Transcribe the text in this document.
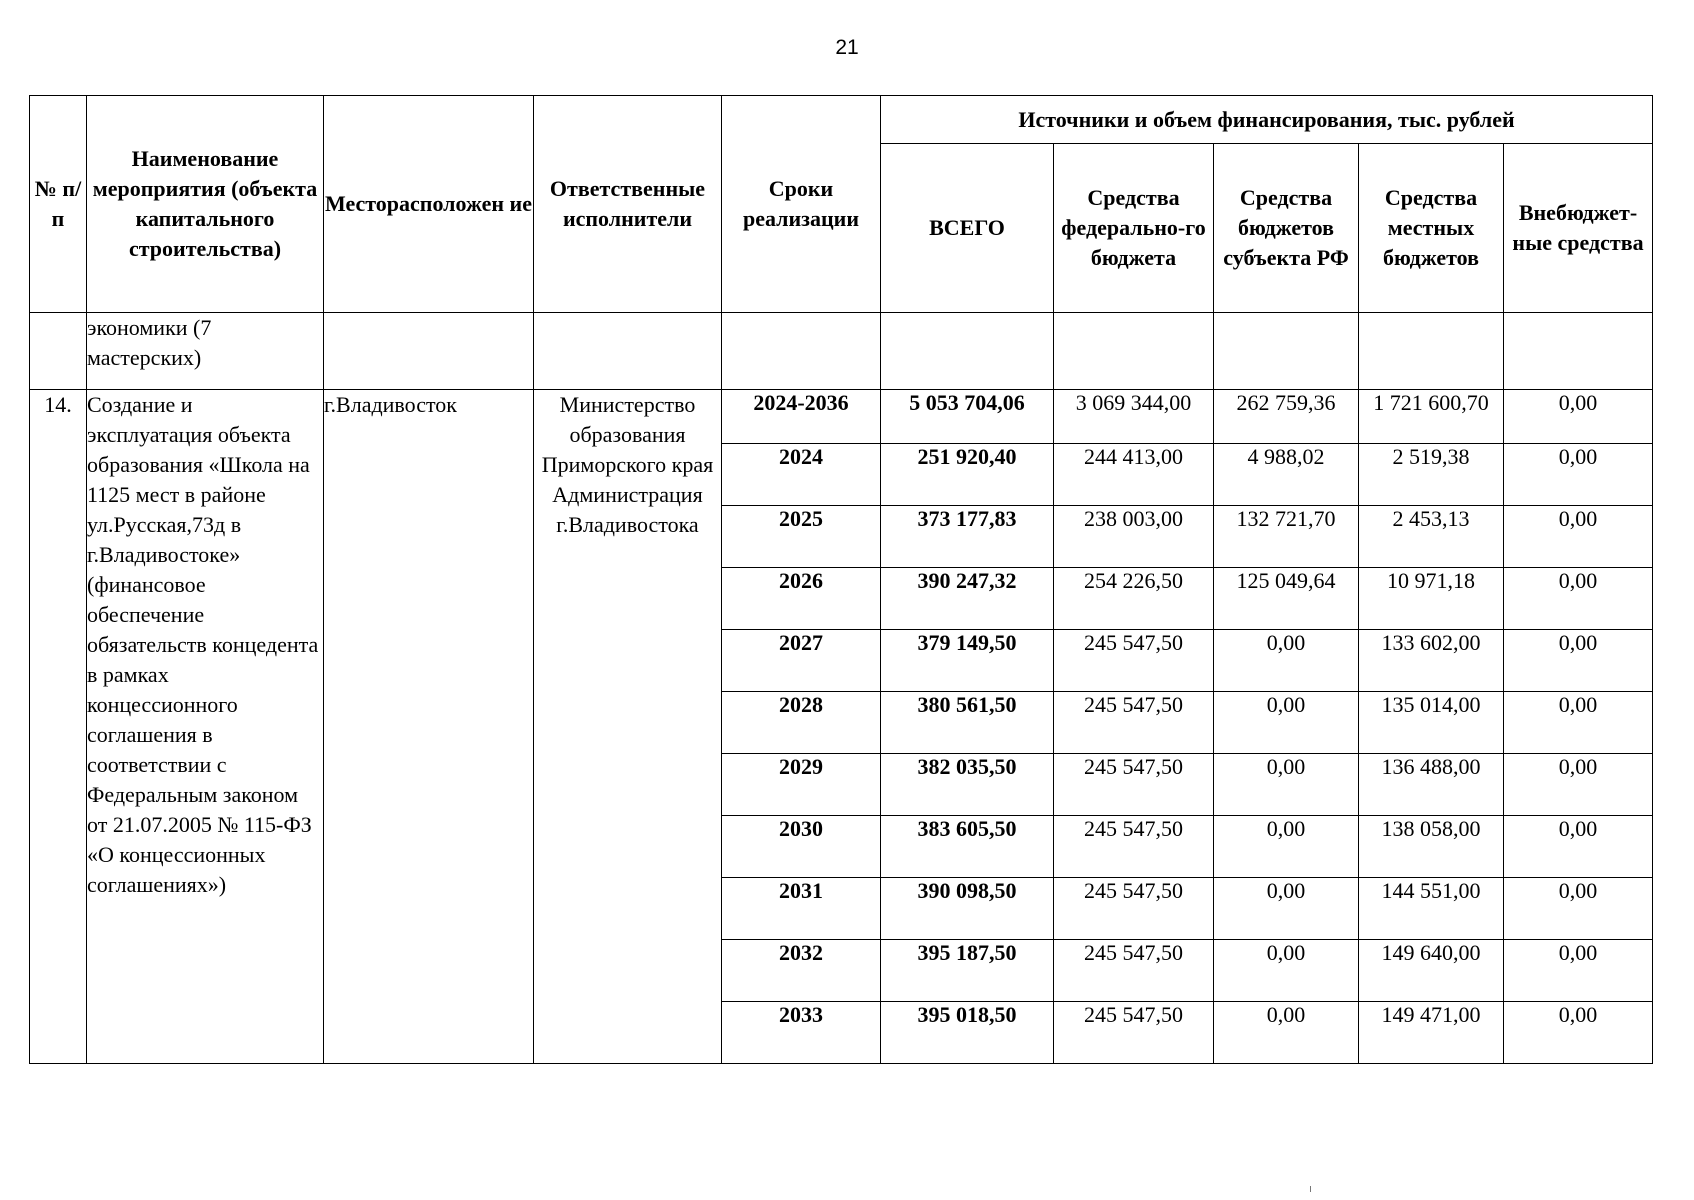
21
№ п/п	Наименование мероприятия (объекта капитального строительства)	Месторасположен ие	Ответственные исполнители	Сроки реализации	Источники и объем финансирования, тыс. рублей				
					ВСЕГО	Средства федерально-го бюджета	Средства бюджетов субъекта РФ	Средства местных бюджетов	Внебюджет-ные средства
	экономики (7 мастерских)								
14.	Создание и эксплуатация объекта образования «Школа на 1125 мест в районе ул.Русская,73д в г.Владивостоке» (финансовое обеспечение обязательств концедента в рамках концессионного соглашения в соответствии с Федеральным законом от 21.07.2005 № 115-ФЗ «О концессионных соглашениях»)	г.Владивосток	Министерство образования Приморского края Администрация г.Владивостока	2024-2036	5 053 704,06	3 069 344,00	262 759,36	1 721 600,70	0,00
				2024	251 920,40	244 413,00	4 988,02	2 519,38	0,00
				2025	373 177,83	238 003,00	132 721,70	2 453,13	0,00
				2026	390 247,32	254 226,50	125 049,64	10 971,18	0,00
				2027	379 149,50	245 547,50	0,00	133 602,00	0,00
				2028	380 561,50	245 547,50	0,00	135 014,00	0,00
				2029	382 035,50	245 547,50	0,00	136 488,00	0,00
				2030	383 605,50	245 547,50	0,00	138 058,00	0,00
				2031	390 098,50	245 547,50	0,00	144 551,00	0,00
				2032	395 187,50	245 547,50	0,00	149 640,00	0,00
				2033	395 018,50	245 547,50	0,00	149 471,00	0,00
